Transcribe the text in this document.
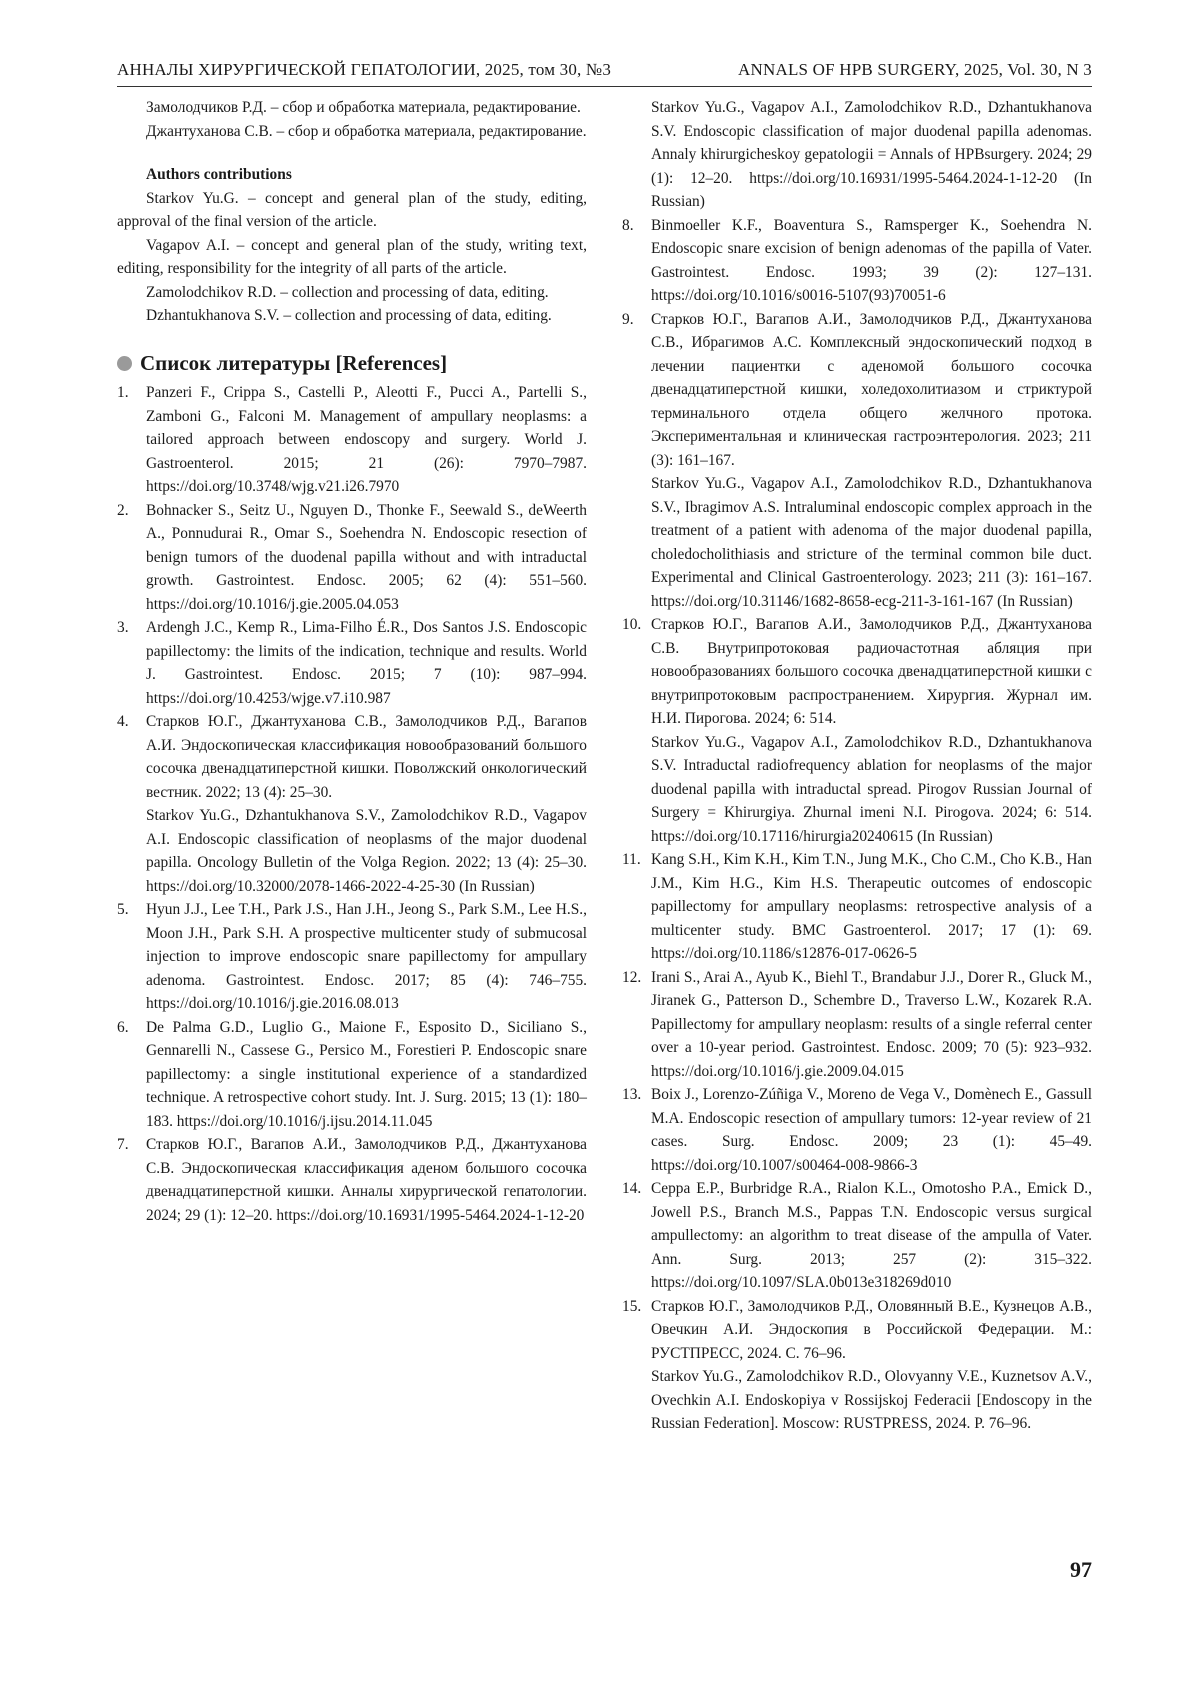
АННАЛЫ ХИРУРГИЧЕСКОЙ ГЕПАТОЛОГИИ, 2025, том 30, №3	ANNALS OF HPB SURGERY, 2025, Vol. 30, N 3

Замолодчиков Р.Д. – сбор и обработка материала, редактирование.

Джантуханова С.В. – сбор и обработка материала, редактирование.

Authors contributions

Starkov Yu.G. – concept and general plan of the study, editing, approval of the final version of the article.

Vagapov A.I. – concept and general plan of the study, writing text, editing, responsibility for the integrity of all parts of the article.

Zamolodchikov R.D. – collection and processing of data, editing.

Dzhantukhanova S.V. – collection and processing of data, editing.

Список литературы [References]
1. Panzeri F., Crippa S., Castelli P., Aleotti F., Pucci A., Partelli S., Zamboni G., Falconi M. Management of ampullary neoplasms: a tailored approach between endoscopy and surgery. World J. Gastroenterol. 2015; 21 (26): 7970–7987. https://doi.org/10.3748/wjg.v21.i26.7970
2. Bohnacker S., Seitz U., Nguyen D., Thonke F., Seewald S., deWeerth A., Ponnudurai R., Omar S., Soehendra N. Endoscopic resection of benign tumors of the duodenal papilla without and with intraductal growth. Gastrointest. Endosc. 2005; 62 (4): 551–560. https://doi.org/10.1016/j.gie.2005.04.053
3. Ardengh J.C., Kemp R., Lima-Filho É.R., Dos Santos J.S. Endoscopic papillectomy: the limits of the indication, technique and results. World J. Gastrointest. Endosc. 2015; 7 (10): 987–994. https://doi.org/10.4253/wjge.v7.i10.987
4. Старков Ю.Г., Джантуханова С.В., Замолодчиков Р.Д., Вагапов А.И. Эндоскопическая классификация новообразований большого сосочка двенадцатиперстной кишки. Поволжский онкологический вестник. 2022; 13 (4): 25–30.
Starkov Yu.G., Dzhantukhanova S.V., Zamolodchikov R.D., Vagapov A.I. Endoscopic classification of neoplasms of the major duodenal papilla. Oncology Bulletin of the Volga Region. 2022; 13 (4): 25–30. https://doi.org/10.32000/2078-1466-2022-4-25-30 (In Russian)
5. Hyun J.J., Lee T.H., Park J.S., Han J.H., Jeong S., Park S.M., Lee H.S., Moon J.H., Park S.H. A prospective multicenter study of submucosal injection to improve endoscopic snare papillectomy for ampullary adenoma. Gastrointest. Endosc. 2017; 85 (4): 746–755. https://doi.org/10.1016/j.gie.2016.08.013
6. De Palma G.D., Luglio G., Maione F., Esposito D., Siciliano S., Gennarelli N., Cassese G., Persico M., Forestieri P. Endoscopic snare papillectomy: a single institutional experience of a standardized technique. A retrospective cohort study. Int. J. Surg. 2015; 13 (1): 180–183. https://doi.org/10.1016/j.ijsu.2014.11.045
7. Старков Ю.Г., Вагапов А.И., Замолодчиков Р.Д., Джантуханова С.В. Эндоскопическая классификация аденом большого сосочка двенадцатиперстной кишки. Анналы хирургической гепатологии. 2024; 29 (1): 12–20. https://doi.org/10.16931/1995-5464.2024-1-12-20
Starkov Yu.G., Vagapov A.I., Zamolodchikov R.D., Dzhantukhanova S.V. Endoscopic classification of major duodenal papilla adenomas. Annaly khirurgicheskoy gepatologii = Annals of HPBsurgery. 2024; 29 (1): 12–20. https://doi.org/10.16931/1995-5464.2024-1-12-20 (In Russian)
8. Binmoeller K.F., Boaventura S., Ramsperger K., Soehendra N. Endoscopic snare excision of benign adenomas of the papilla of Vater. Gastrointest. Endosc. 1993; 39 (2): 127–131. https://doi.org/10.1016/s0016-5107(93)70051-6
9. Старков Ю.Г., Вагапов А.И., Замолодчиков Р.Д., Джантуханова С.В., Ибрагимов А.С. Комплексный эндоскопический подход в лечении пациентки с аденомой большого сосочка двенадцатиперстной кишки, холедохолитиазом и стриктурой терминального отдела общего желчного протока. Экспериментальная и клиническая гастроэнтерология. 2023; 211 (3): 161–167.
Starkov Yu.G., Vagapov A.I., Zamolodchikov R.D., Dzhantukhanova S.V., Ibragimov A.S. Intraluminal endoscopic complex approach in the treatment of a patient with adenoma of the major duodenal papilla, choledocholithiasis and stricture of the terminal common bile duct. Experimental and Clinical Gastroenterology. 2023; 211 (3): 161–167. https://doi.org/10.31146/1682-8658-ecg-211-3-161-167 (In Russian)
10. Старков Ю.Г., Вагапов А.И., Замолодчиков Р.Д., Джантуханова С.В. Внутрипротоковая радиочастотная абляция при новообразованиях большого сосочка двенадцатиперстной кишки с внутрипротоковым распространением. Хирургия. Журнал им. Н.И. Пирогова. 2024; 6: 514.
Starkov Yu.G., Vagapov A.I., Zamolodchikov R.D., Dzhantukhanova S.V. Intraductal radiofrequency ablation for neoplasms of the major duodenal papilla with intraductal spread. Pirogov Russian Journal of Surgery = Khirurgiya. Zhurnal imeni N.I. Pirogova. 2024; 6: 514. https://doi.org/10.17116/hirurgia20240615 (In Russian)
11. Kang S.H., Kim K.H., Kim T.N., Jung M.K., Cho C.M., Cho K.B., Han J.M., Kim H.G., Kim H.S. Therapeutic outcomes of endoscopic papillectomy for ampullary neoplasms: retrospective analysis of a multicenter study. BMC Gastroenterol. 2017; 17 (1): 69. https://doi.org/10.1186/s12876-017-0626-5
12. Irani S., Arai A., Ayub K., Biehl T., Brandabur J.J., Dorer R., Gluck M., Jiranek G., Patterson D., Schembre D., Traverso L.W., Kozarek R.A. Papillectomy for ampullary neoplasm: results of a single referral center over a 10-year period. Gastrointest. Endosc. 2009; 70 (5): 923–932. https://doi.org/10.1016/j.gie.2009.04.015
13. Boix J., Lorenzo-Zúñiga V., Moreno de Vega V., Domènech E., Gassull M.A. Endoscopic resection of ampullary tumors: 12-year review of 21 cases. Surg. Endosc. 2009; 23 (1): 45–49. https://doi.org/10.1007/s00464-008-9866-3
14. Ceppa E.P., Burbridge R.A., Rialon K.L., Omotosho P.A., Emick D., Jowell P.S., Branch M.S., Pappas T.N. Endoscopic versus surgical ampullectomy: an algorithm to treat disease of the ampulla of Vater. Ann. Surg. 2013; 257 (2): 315–322. https://doi.org/10.1097/SLA.0b013e318269d010
15. Старков Ю.Г., Замолодчиков Р.Д., Оловянный В.Е., Кузнецов А.В., Овечкин А.И. Эндоскопия в Российской Федерации. М.: РУСТПРЕСС, 2024. С. 76–96.
Starkov Yu.G., Zamolodchikov R.D., Olovyanny V.E., Kuznetsov A.V., Ovechkin A.I. Endoskopiya v Rossijskoj Federacii [Endoscopy in the Russian Federation]. Moscow: RUSTPRESS, 2024. P. 76–96.
97
